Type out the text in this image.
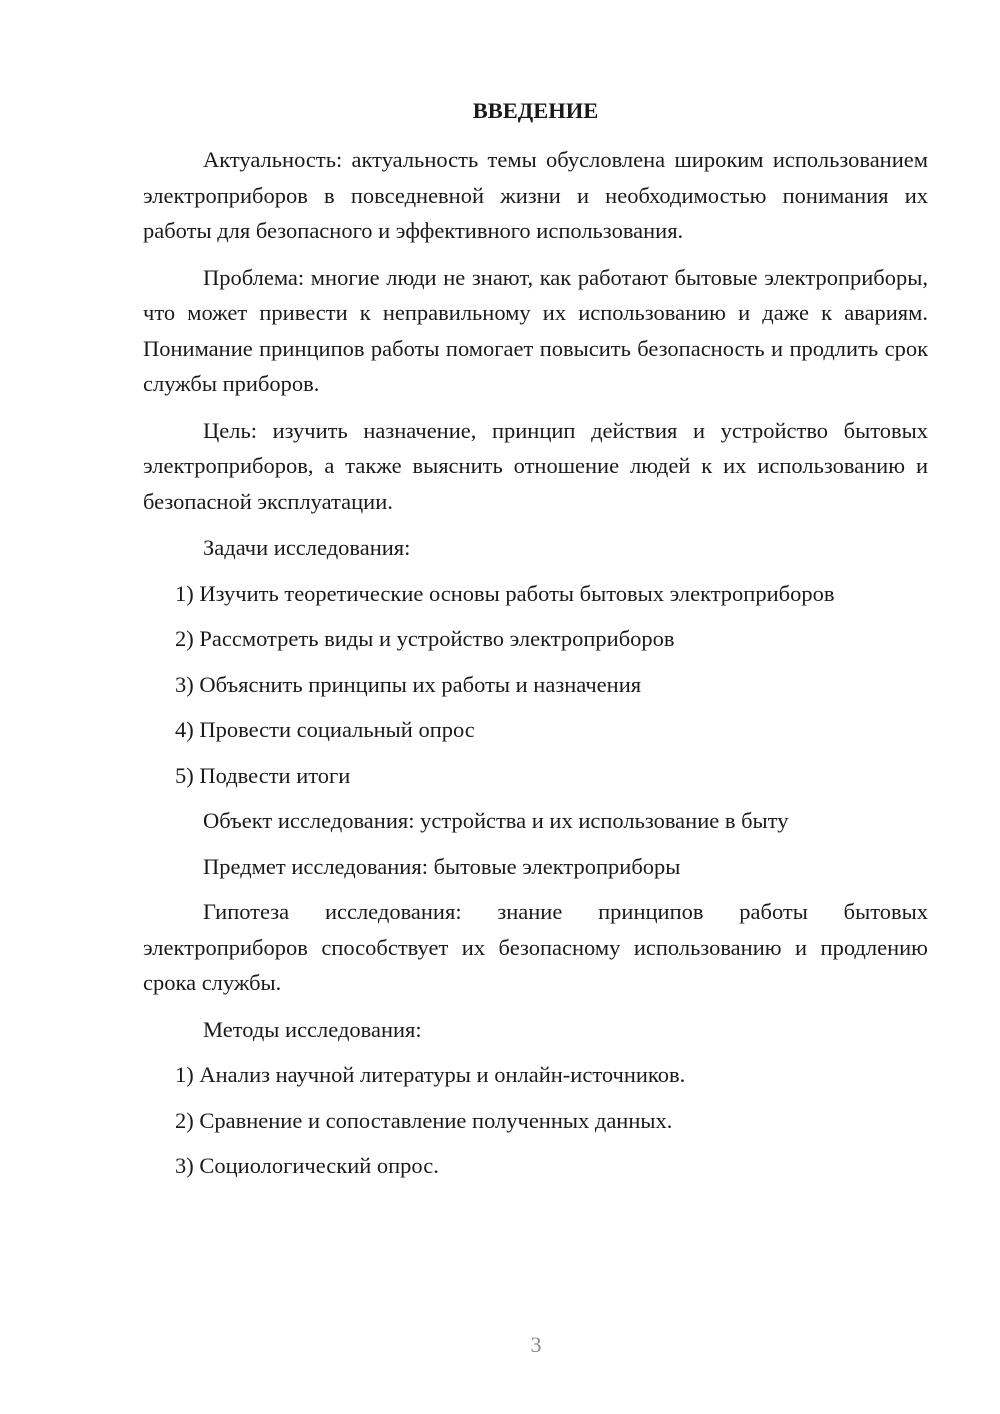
ВВЕДЕНИЕ

Актуальность: актуальность темы обусловлена широким использованием электроприборов в повседневной жизни и необходимостью понимания их работы для безопасного и эффективного использования.

Проблема: многие люди не знают, как работают бытовые электроприборы, что может привести к неправильному их использованию и даже к авариям. Понимание принципов работы помогает повысить безопасность и продлить срок службы приборов.

Цель: изучить назначение, принцип действия и устройство бытовых электроприборов, а также выяснить отношение людей к их использованию и безопасной эксплуатации.

Задачи исследования:
1) Изучить теоретические основы работы бытовых электроприборов
2) Рассмотреть виды и устройство электроприборов
3) Объяснить принципы их работы и назначения
4) Провести социальный опрос
5) Подвести итоги
Объект исследования: устройства и их использование в быту
Предмет исследования: бытовые электроприборы

Гипотеза исследования: знание принципов работы бытовых электроприборов способствует их безопасному использованию и продлению срока службы.

Методы исследования:
1) Анализ научной литературы и онлайн-источников.
2) Сравнение и сопоставление полученных данных.
3) Социологический опрос.
3
